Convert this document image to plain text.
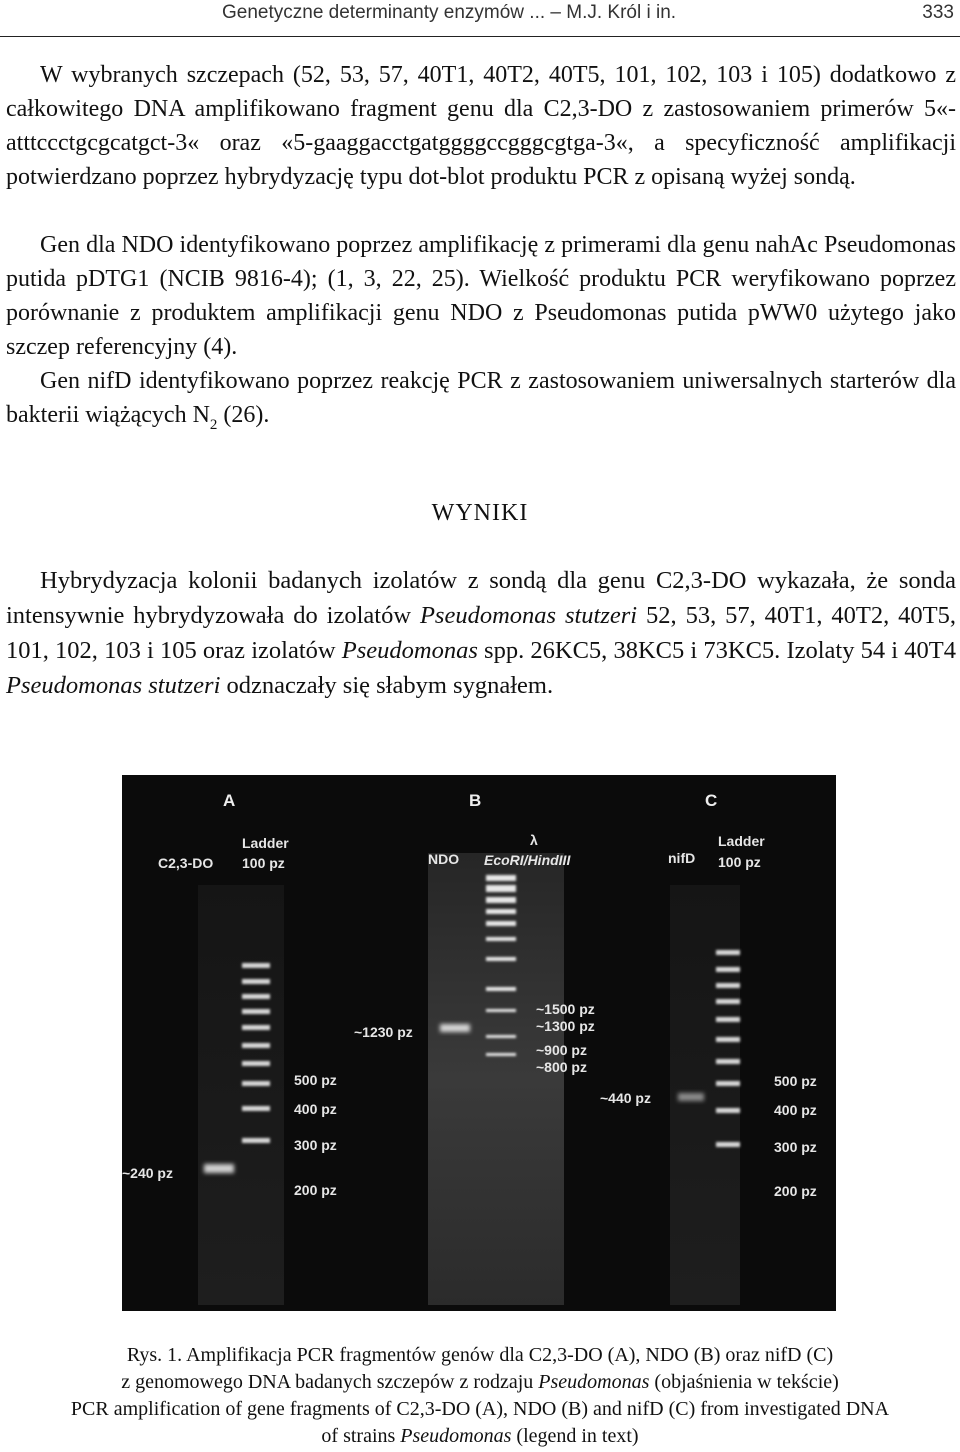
Genetyczne determinanty enzymów ... – M.J. Król i in.	333

W wybranych szczepach (52, 53, 57, 40T1, 40T2, 40T5, 101, 102, 103 i 105) dodatkowo z całkowitego DNA amplifikowano fragment genu dla C2,3-DO z zastosowaniem primerów 5«-atttccctgcgcatgct-3« oraz «5-gaaggacctgatggggccgggcgtga-3«, a specyficzność amplifikacji potwierdzano poprzez hybrydyzację typu dot-blot produktu PCR z opisaną wyżej sondą.

Gen dla NDO identyfikowano poprzez amplifikację z primerami dla genu nahAc Pseudomonas putida pDTG1 (NCIB 9816-4); (1, 3, 22, 25). Wielkość produktu PCR weryfikowano poprzez porównanie z produktem amplifikacji genu NDO z Pseudomonas putida pWW0 użytego jako szczep referencyjny (4).

Gen nifD identyfikowano poprzez reakcję PCR z zastosowaniem uniwersalnych starterów dla bakterii wiążących $N_2$ (26).

WYNIKI

Hybrydyzacja kolonii badanych izolatów z sondą dla genu C2,3-DO wykazała, że sonda intensywnie hybrydyzowała do izolatów Pseudomonas stutzeri 52, 53, 57, 40T1, 40T2, 40T5, 101, 102, 103 i 105 oraz izolatów Pseudomonas spp. 26KC5, 38KC5 i 73KC5. Izolaty 54 i 40T4 Pseudomonas stutzeri odznaczały się słabym sygnałem.

A	B	C
C2,3-DO
Ladder
100 pz	NDO
λ
EcoRI/HindIII	nifD
Ladder
100 pz
500 pz
400 pz
300 pz
200 pz
~240 pz
~1230 pz
~1500 pz
~1300 pz
~900 pz
~800 pz
~440 pz
500 pz
400 pz
300 pz
200 pz

Rys. 1. Amplifikacja PCR fragmentów genów dla C2,3-DO (A), NDO (B) oraz nifD (C)
z genomowego DNA badanych szczepów z rodzaju Pseudomonas (objaśnienia w tekście)

PCR amplification of gene fragments of C2,3-DO (A), NDO (B) and nifD (C) from investigated DNA
of strains Pseudomonas (legend in text)
